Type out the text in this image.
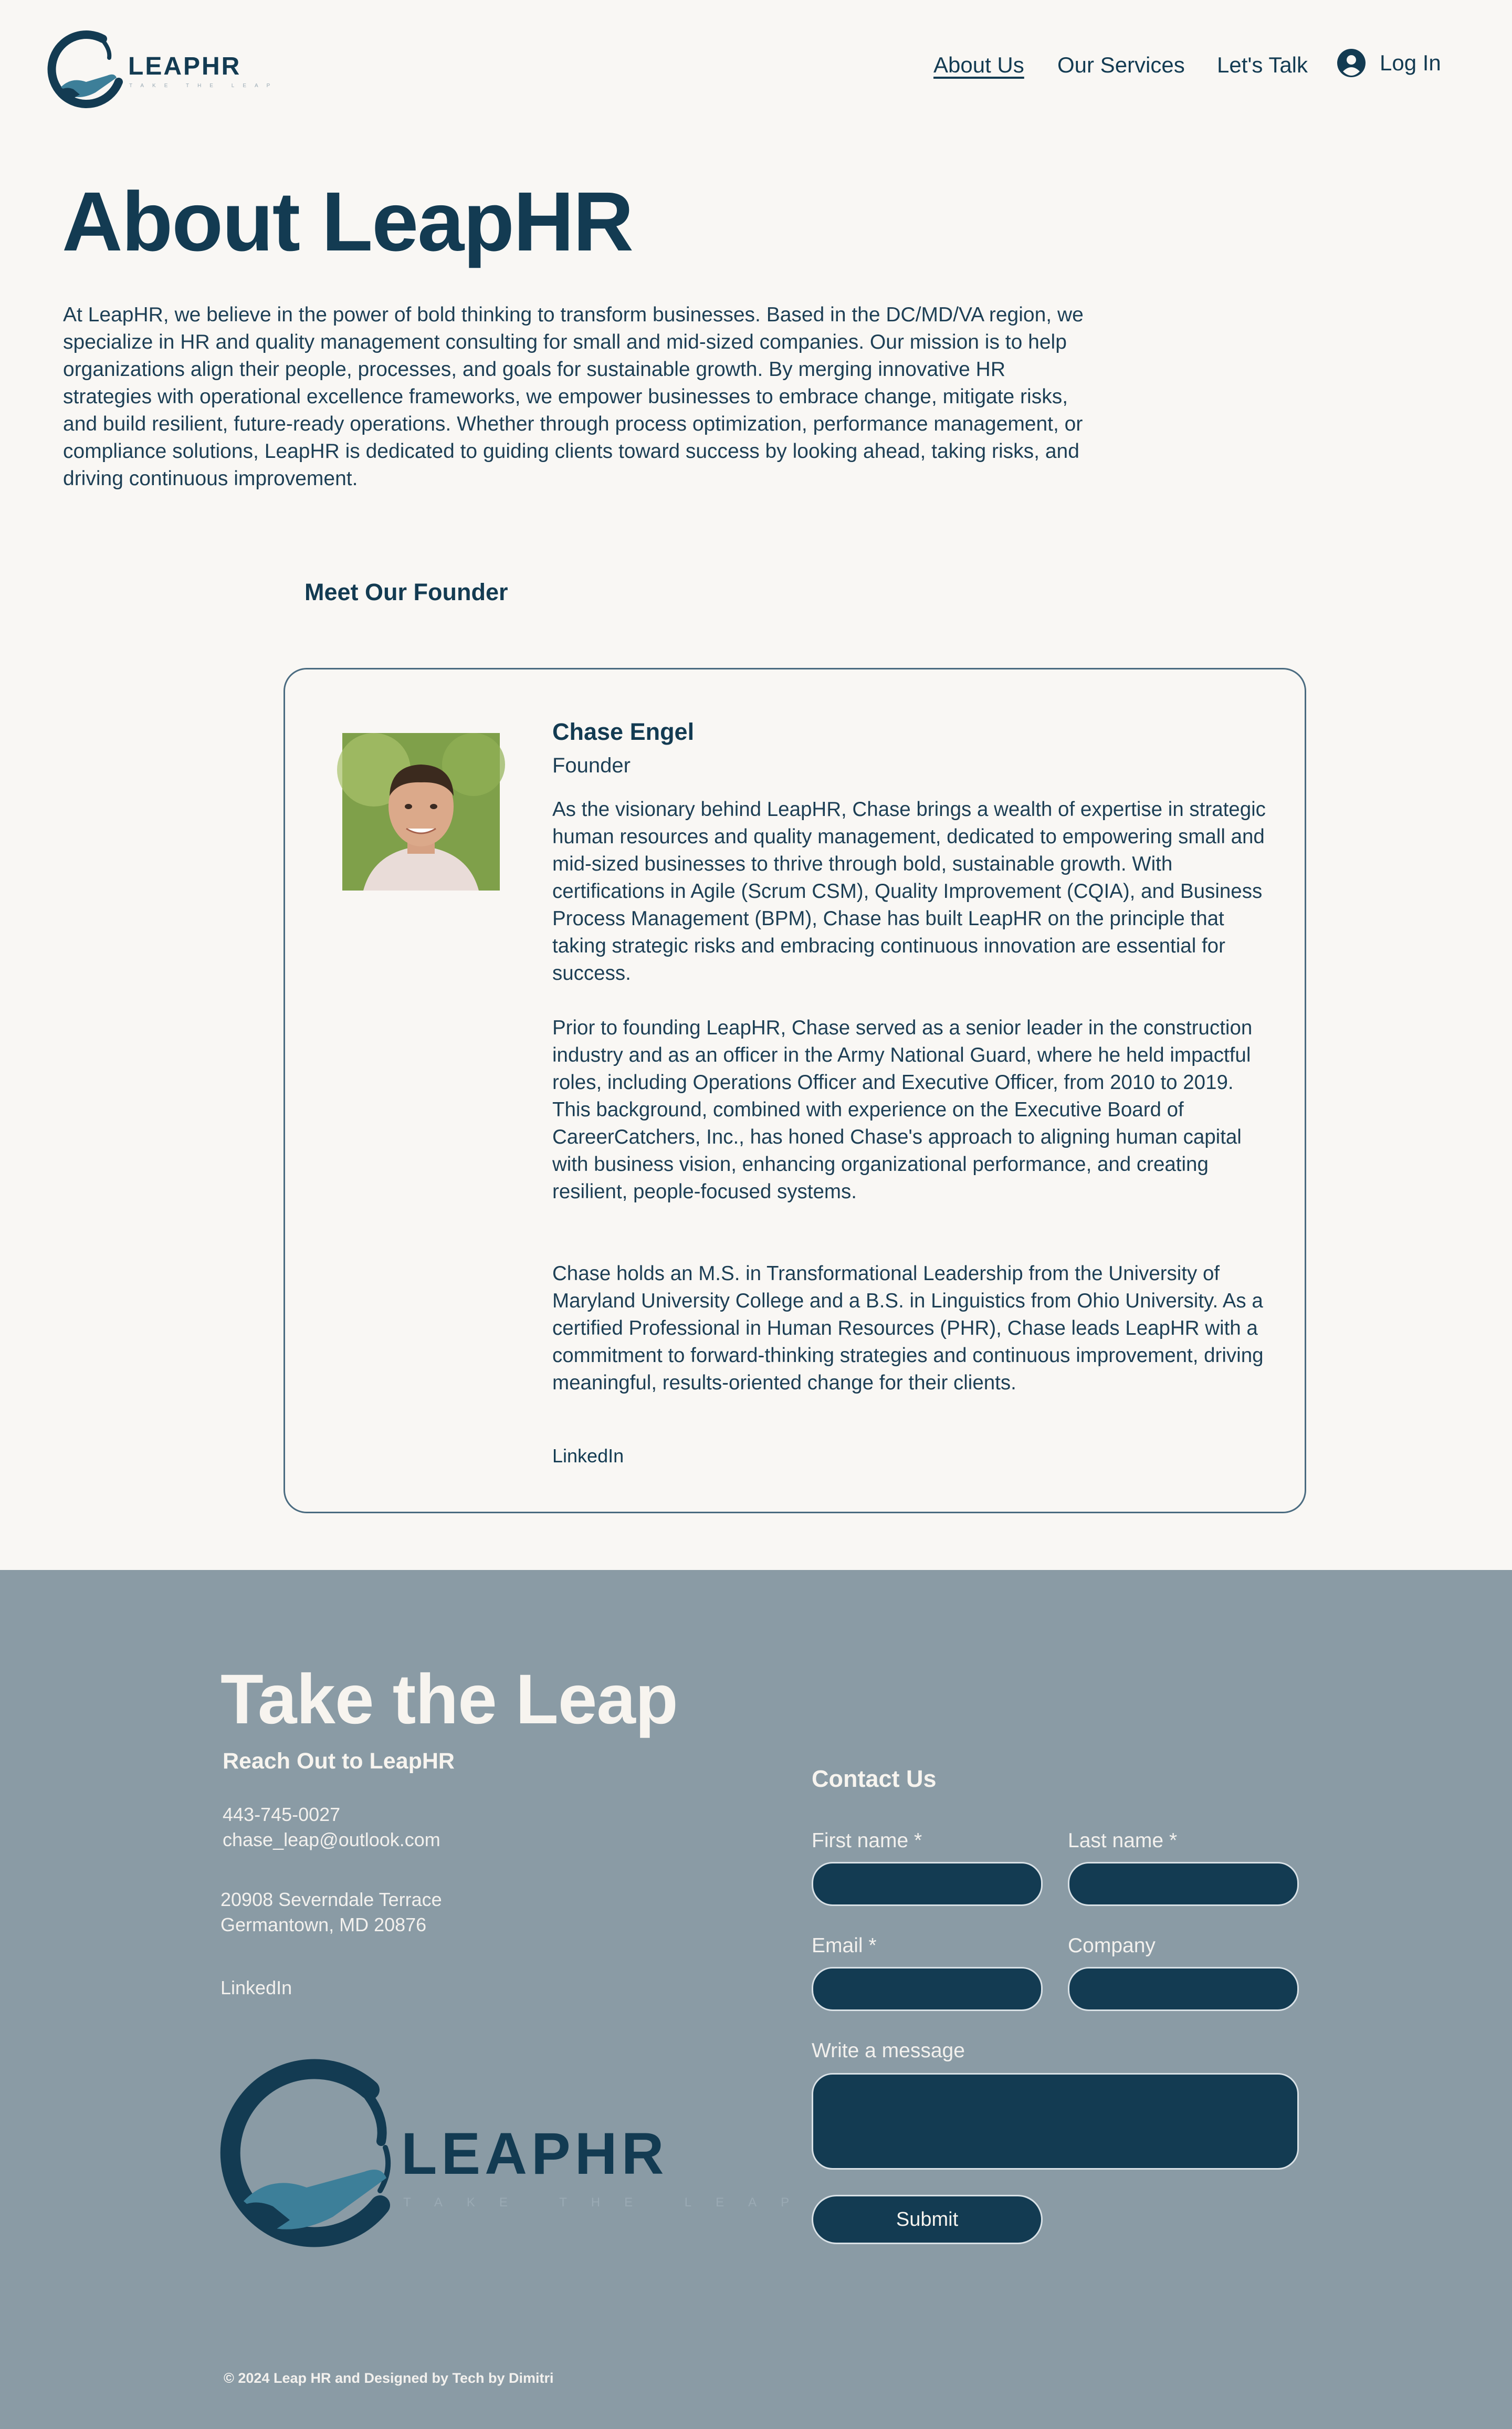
LEAPHR
TAKE THE LEAP
About Us Our Services Let's Talk	Log In
About LeapHR

At LeapHR, we believe in the power of bold thinking to transform businesses. Based in the DC/MD/VA region, we specialize in HR and quality management consulting for small and mid-sized companies. Our mission is to help organizations align their people, processes, and goals for sustainable growth. By merging innovative HR strategies with operational excellence frameworks, we empower businesses to embrace change, mitigate risks, and build resilient, future-ready operations. Whether through process optimization, performance management, or compliance solutions, LeapHR is dedicated to guiding clients toward success by looking ahead, taking risks, and driving continuous improvement.

Meet Our Founder
Chase Engel
Founder

As the visionary behind LeapHR, Chase brings a wealth of expertise in strategic human resources and quality management, dedicated to empowering small and mid-sized businesses to thrive through bold, sustainable growth. With certifications in Agile (Scrum CSM), Quality Improvement (CQIA), and Business Process Management (BPM), Chase has built LeapHR on the principle that taking strategic risks and embracing continuous innovation are essential for success.

Prior to founding LeapHR, Chase served as a senior leader in the construction industry and as an officer in the Army National Guard, where he held impactful roles, including Operations Officer and Executive Officer, from 2010 to 2019. This background, combined with experience on the Executive Board of CareerCatchers, Inc., has honed Chase's approach to aligning human capital with business vision, enhancing organizational performance, and creating resilient, people-focused systems.

Chase holds an M.S. in Transformational Leadership from the University of Maryland University College and a B.S. in Linguistics from Ohio University. As a certified Professional in Human Resources (PHR), Chase leads LeapHR with a commitment to forward-thinking strategies and continuous improvement, driving meaningful, results-oriented change for their clients.

LinkedIn
Take the Leap
Reach Out to LeapHR
443-745-0027
chase_leap@outlook.com
20908 Severndale Terrace
Germantown, MD 20876
LinkedIn
LEAPHR
TAKE THE LEAP
© 2024 Leap HR and Designed by Tech by Dimitri
Contact Us
First name *	Last name *
Email *	Company
Write a message
Submit
